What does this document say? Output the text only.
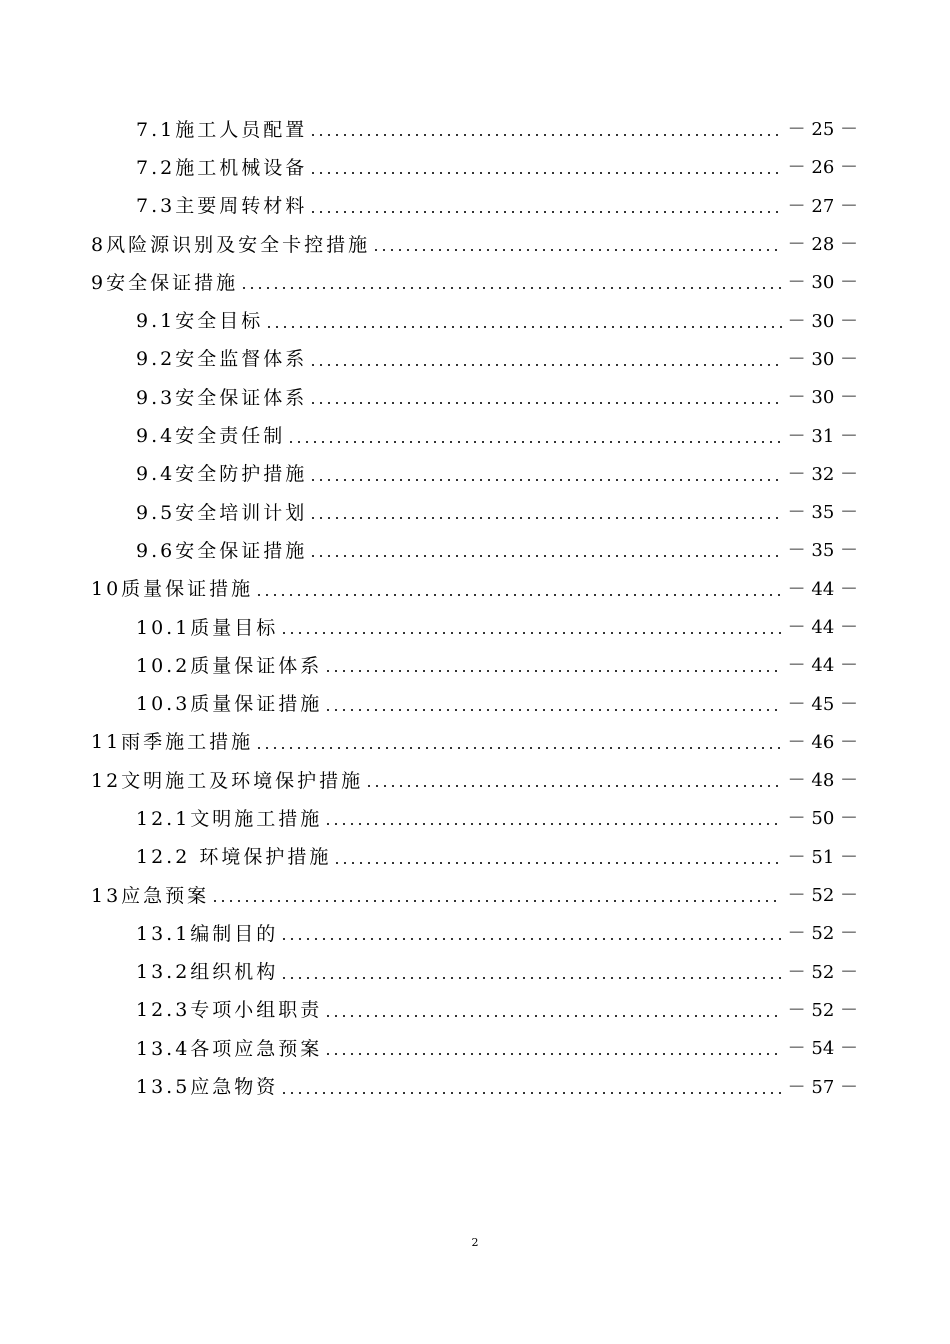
7.1施工人员配置	－ 25 －
7.2施工机械设备	－ 26 －
7.3主要周转材料	－ 27 －
8风险源识别及安全卡控措施	－ 28 －
9安全保证措施	－ 30 －
9.1安全目标	－ 30 －
9.2安全监督体系	－ 30 －
9.3安全保证体系	－ 30 －
9.4安全责任制	－ 31 －
9.4安全防护措施	－ 32 －
9.5安全培训计划	－ 35 －
9.6安全保证措施	－ 35 －
10质量保证措施	－ 44 －
10.1质量目标	－ 44 －
10.2质量保证体系	－ 44 －
10.3质量保证措施	－ 45 －
11雨季施工措施	－ 46 －
12文明施工及环境保护措施	－ 48 －
12.1文明施工措施	－ 50 －
12.2 环境保护措施	－ 51 －
13应急预案	－ 52 －
13.1编制目的	－ 52 －
13.2组织机构	－ 52 －
12.3专项小组职责	－ 52 －
13.4各项应急预案	－ 54 －
13.5应急物资	－ 57 －
2
